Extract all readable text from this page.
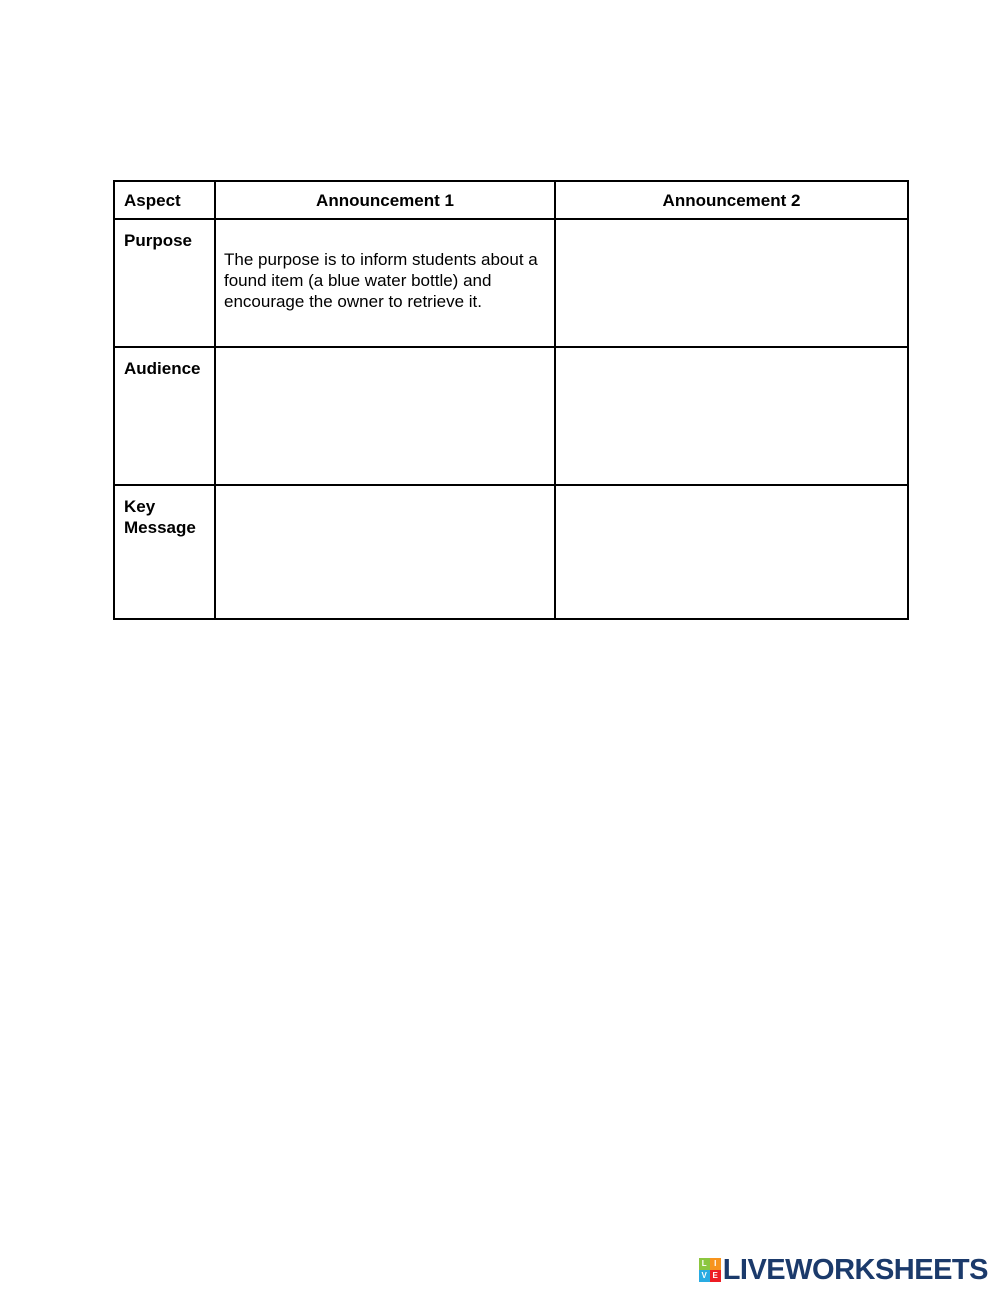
Aspect	Announcement 1	Announcement 2
Purpose	The purpose is to inform students about a found item (a blue water bottle) and encourage the owner to retrieve it.	
Audience		
Key Message		
L I
V E LIVEWORKSHEETS
